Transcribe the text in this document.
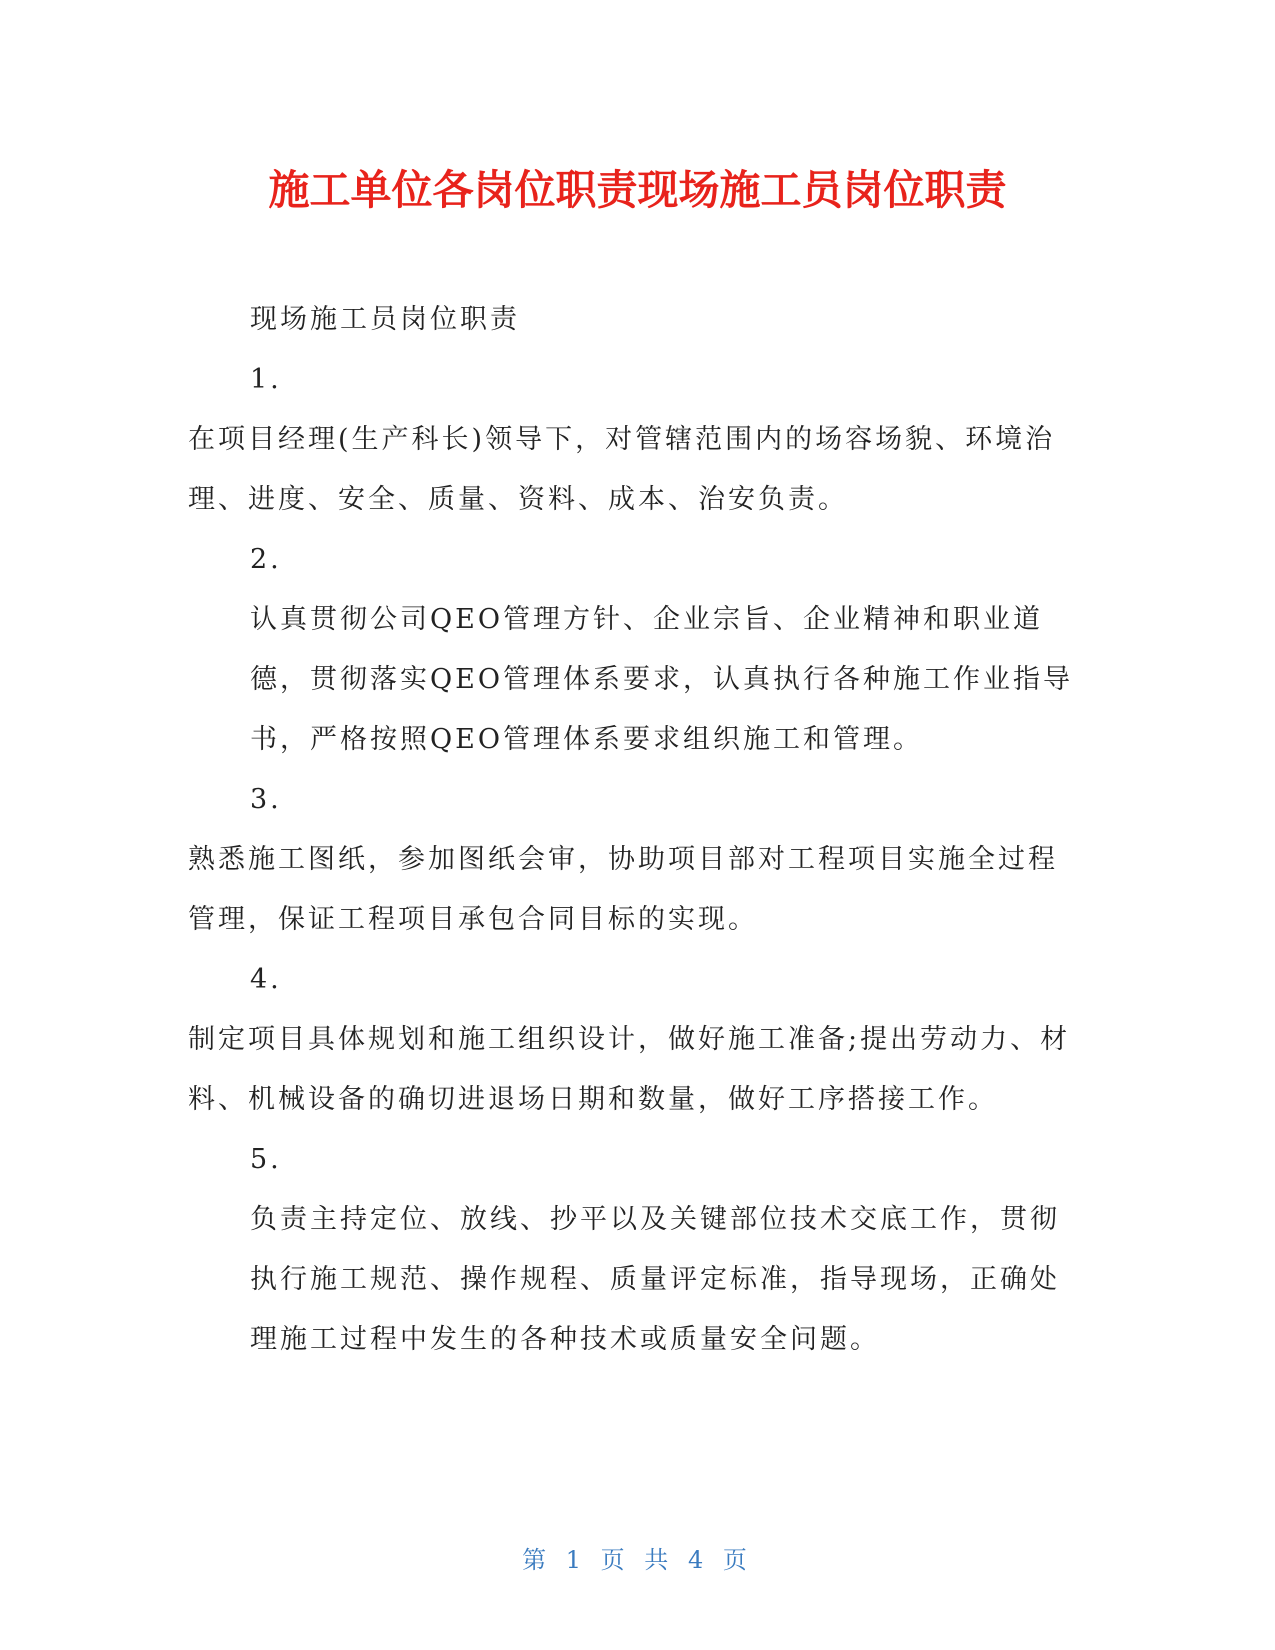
施工单位各岗位职责现场施工员岗位职责

现场施工员岗位职责

1.

在项目经理(生产科长)领导下，对管辖范围内的场容场貌、环境治理、进度、安全、质量、资料、成本、治安负责。

2.

认真贯彻公司QEO管理方针、企业宗旨、企业精神和职业道德，贯彻落实QEO管理体系要求，认真执行各种施工作业指导书，严格按照QEO管理体系要求组织施工和管理。

3.

熟悉施工图纸，参加图纸会审，协助项目部对工程项目实施全过程管理，保证工程项目承包合同目标的实现。

4.

制定项目具体规划和施工组织设计，做好施工准备;提出劳动力、材料、机械设备的确切进退场日期和数量，做好工序搭接工作。

5.

负责主持定位、放线、抄平以及关键部位技术交底工作，贯彻执行施工规范、操作规程、质量评定标准，指导现场，正确处理施工过程中发生的各种技术或质量安全问题。

第 1 页 共 4 页
